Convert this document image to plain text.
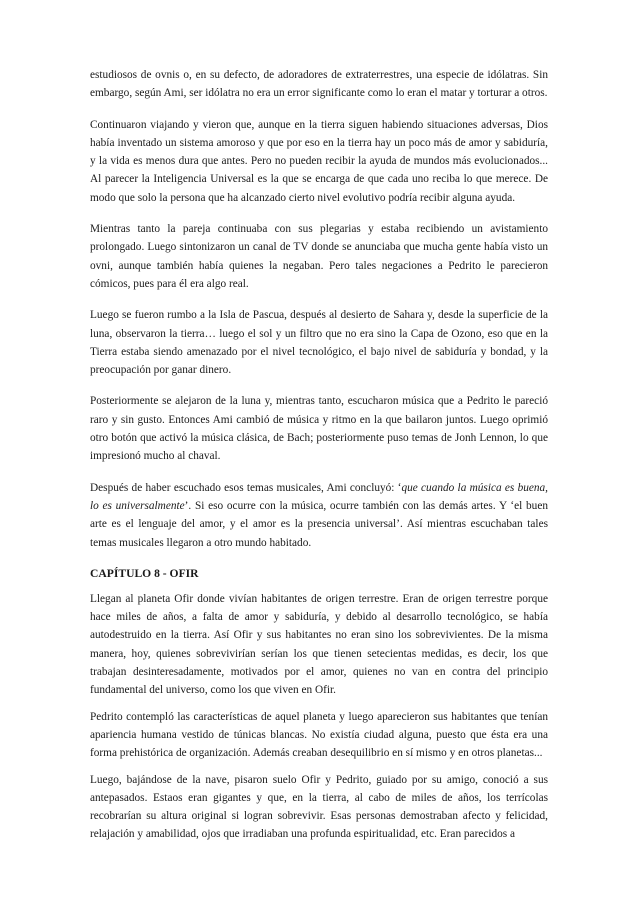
estudiosos de ovnis o, en su defecto, de adoradores de extraterrestres, una especie de idólatras. Sin embargo, según Ami, ser idólatra no era un error significante como lo eran el matar y torturar a otros.

Continuaron viajando y vieron que, aunque en la tierra siguen habiendo situaciones adversas, Dios había inventado un sistema amoroso y que por eso en la tierra hay un poco más de amor y sabiduría, y la vida es menos dura que antes. Pero no pueden recibir la ayuda de mundos más evolucionados... Al parecer la Inteligencia Universal es la que se encarga de que cada uno reciba lo que merece. De modo que solo la persona que ha alcanzado cierto nivel evolutivo podría recibir alguna ayuda.

Mientras tanto la pareja continuaba con sus plegarias y estaba recibiendo un avistamiento prolongado. Luego sintonizaron un canal de TV donde se anunciaba que mucha gente había visto un ovni, aunque también había quienes la negaban. Pero tales negaciones a Pedrito le parecieron cómicos, pues para él era algo real.

Luego se fueron rumbo a la Isla de Pascua, después al desierto de Sahara y, desde la superficie de la luna, observaron la tierra… luego el sol y un filtro que no era sino la Capa de Ozono, eso que en la Tierra estaba siendo amenazado por el nivel tecnológico, el bajo nivel de sabiduría y bondad, y la preocupación por ganar dinero.

Posteriormente se alejaron de la luna y, mientras tanto, escucharon música que a Pedrito le pareció raro y sin gusto. Entonces Ami cambió de música y ritmo en la que bailaron juntos. Luego oprimió otro botón que activó la música clásica, de Bach; posteriormente puso temas de Jonh Lennon, lo que impresionó mucho al chaval.

Después de haber escuchado esos temas musicales, Ami concluyó: ‘que cuando la música es buena, lo es universalmente’. Si eso ocurre con la música, ocurre también con las demás artes. Y ‘el buen arte es el lenguaje del amor, y el amor es la presencia universal’. Así mientras escuchaban tales temas musicales llegaron a otro mundo habitado.

CAPÍTULO 8 - OFIR

Llegan al planeta Ofir donde vivían habitantes de origen terrestre. Eran de origen terrestre porque hace miles de años, a falta de amor y sabiduría, y debido al desarrollo tecnológico, se había autodestruido en la tierra. Así Ofir y sus habitantes no eran sino los sobrevivientes. De la misma manera, hoy, quienes sobrevivirían serían los que tienen setecientas medidas, es decir, los que trabajan desinteresadamente, motivados por el amor, quienes no van en contra del principio fundamental del universo, como los que viven en Ofir.

Pedrito contempló las características de aquel planeta y luego aparecieron sus habitantes que tenían apariencia humana vestido de túnicas blancas. No existía ciudad alguna, puesto que ésta era una forma prehistórica de organización. Además creaban desequilibrio en sí mismo y en otros planetas...

Luego, bajándose de la nave, pisaron suelo Ofir y Pedrito, guiado por su amigo, conoció a sus antepasados. Estaos eran gigantes y que, en la tierra, al cabo de miles de años, los terrícolas recobrarían su altura original si logran sobrevivir. Esas personas demostraban afecto y felicidad, relajación y amabilidad, ojos que irradiaban una profunda espiritualidad, etc. Eran parecidos a
